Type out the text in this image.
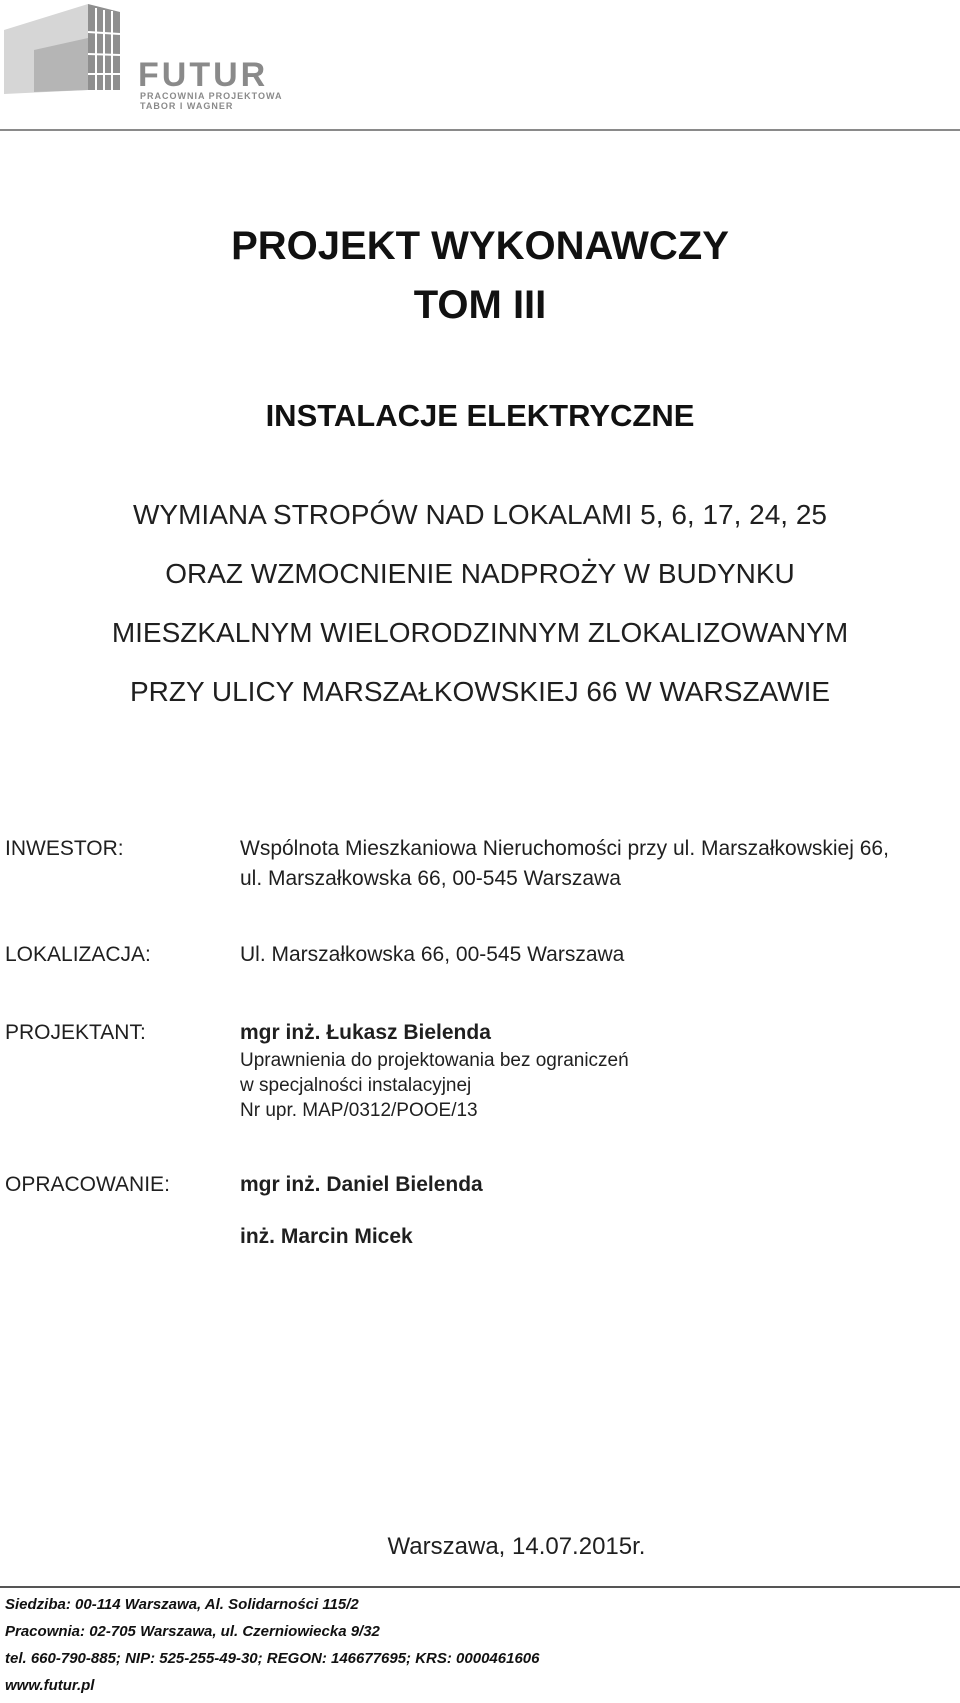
FUTUR
PRACOWNIA PROJEKTOWA
TABOR I WAGNER
PROJEKT WYKONAWCZY
TOM III
INSTALACJE ELEKTRYCZNE
WYMIANA STROPÓW NAD LOKALAMI 5, 6, 17, 24, 25
ORAZ WZMOCNIENIE NADPROŻY W BUDYNKU
MIESZKALNYM WIELORODZINNYM ZLOKALIZOWANYM
PRZY ULICY MARSZAŁKOWSKIEJ 66 W WARSZAWIE
INWESTOR:	Wspólnota Mieszkaniowa Nieruchomości przy ul. Marszałkowskiej 66,
ul. Marszałkowska 66, 00-545 Warszawa
LOKALIZACJA:	Ul. Marszałkowska 66, 00-545 Warszawa
PROJEKTANT:	mgr inż. Łukasz Bielenda
Uprawnienia do projektowania bez ograniczeń
w specjalności instalacyjnej
Nr upr. MAP/0312/POOE/13
OPRACOWANIE:	mgr inż. Daniel Bielenda
inż. Marcin Micek
Warszawa, 14.07.2015r.
Siedziba: 00-114 Warszawa, Al. Solidarności 115/2
Pracownia: 02-705 Warszawa, ul. Czerniowiecka 9/32
tel. 660-790-885; NIP: 525-255-49-30; REGON: 146677695; KRS: 0000461606
www.futur.pl
